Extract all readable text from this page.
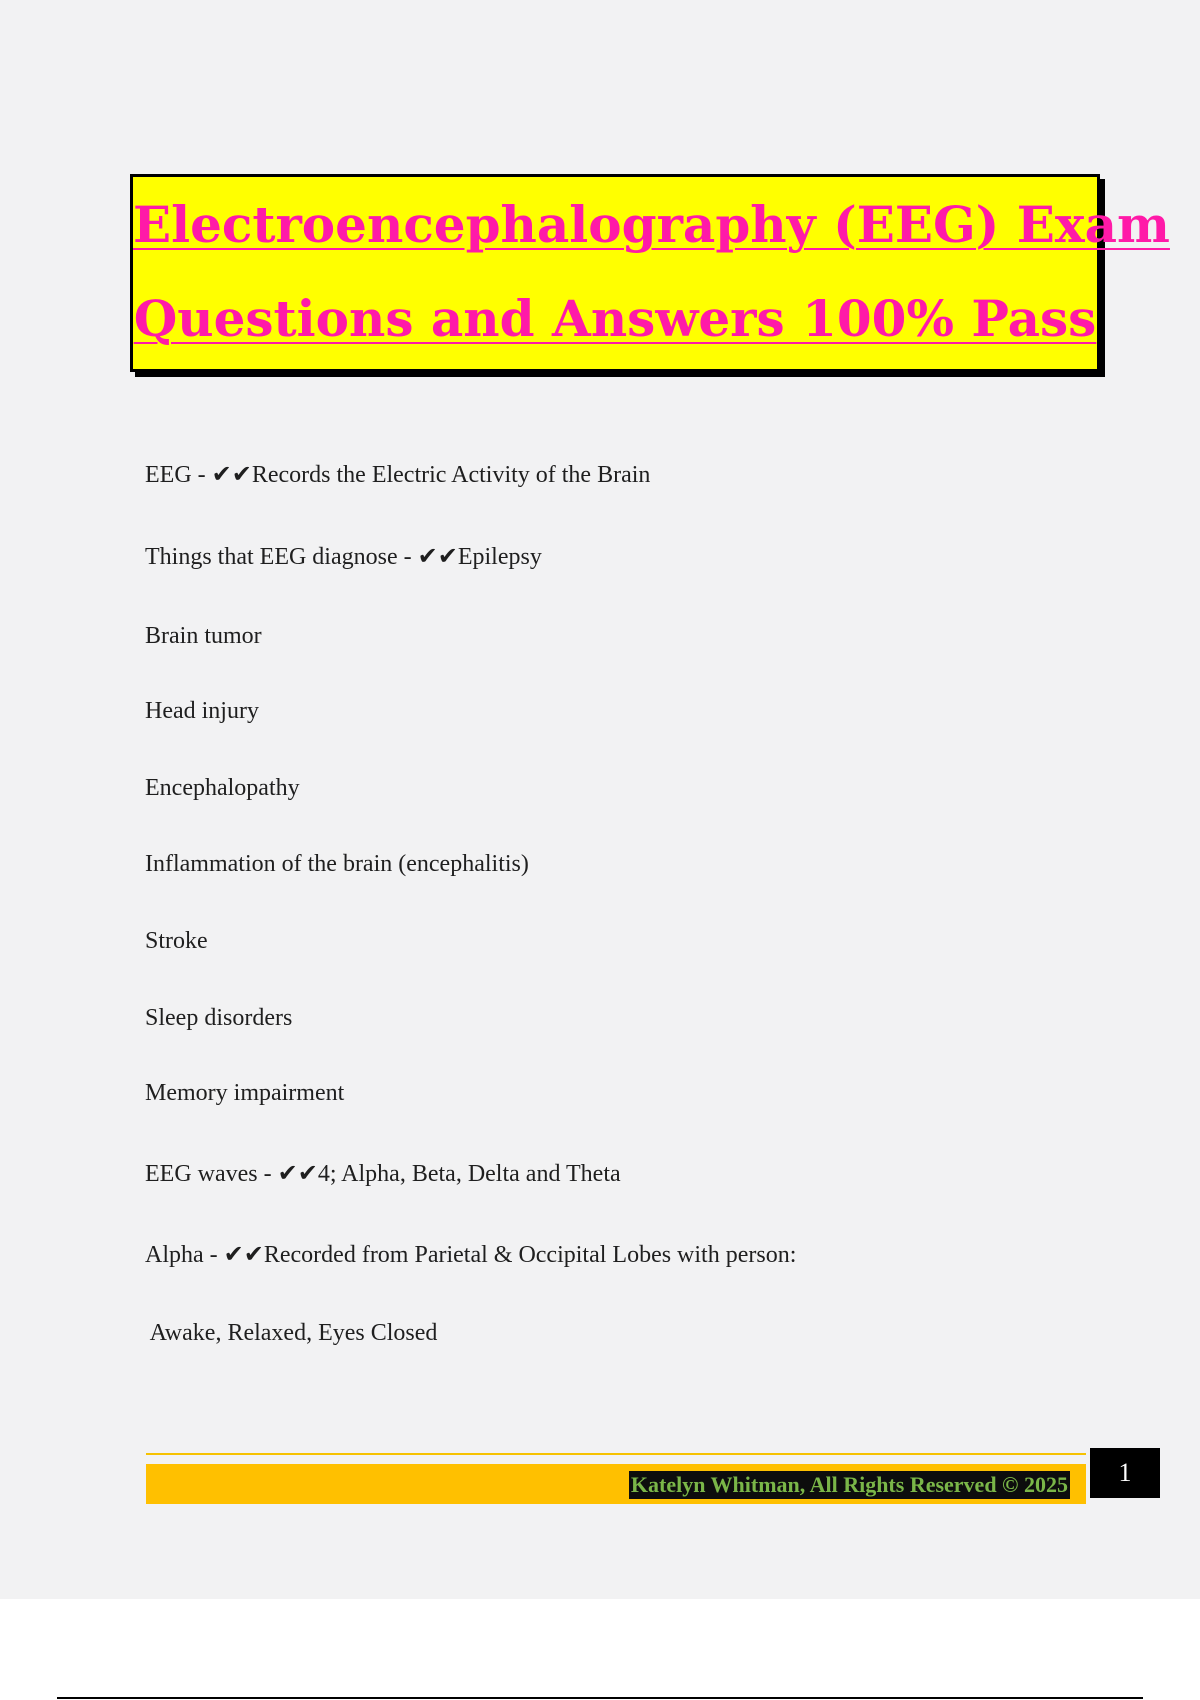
Electroencephalography (EEG) Exam
Questions and Answers 100% Pass
EEG - ✔✔Records the Electric Activity of the Brain
Things that EEG diagnose - ✔✔Epilepsy
Brain tumor
Head injury
Encephalopathy
Inflammation of the brain (encephalitis)
Stroke
Sleep disorders
Memory impairment
EEG waves - ✔✔4; Alpha, Beta, Delta and Theta
Alpha - ✔✔Recorded from Parietal & Occipital Lobes with person:
Awake, Relaxed, Eyes Closed
Katelyn Whitman, All Rights Reserved © 2025	1
